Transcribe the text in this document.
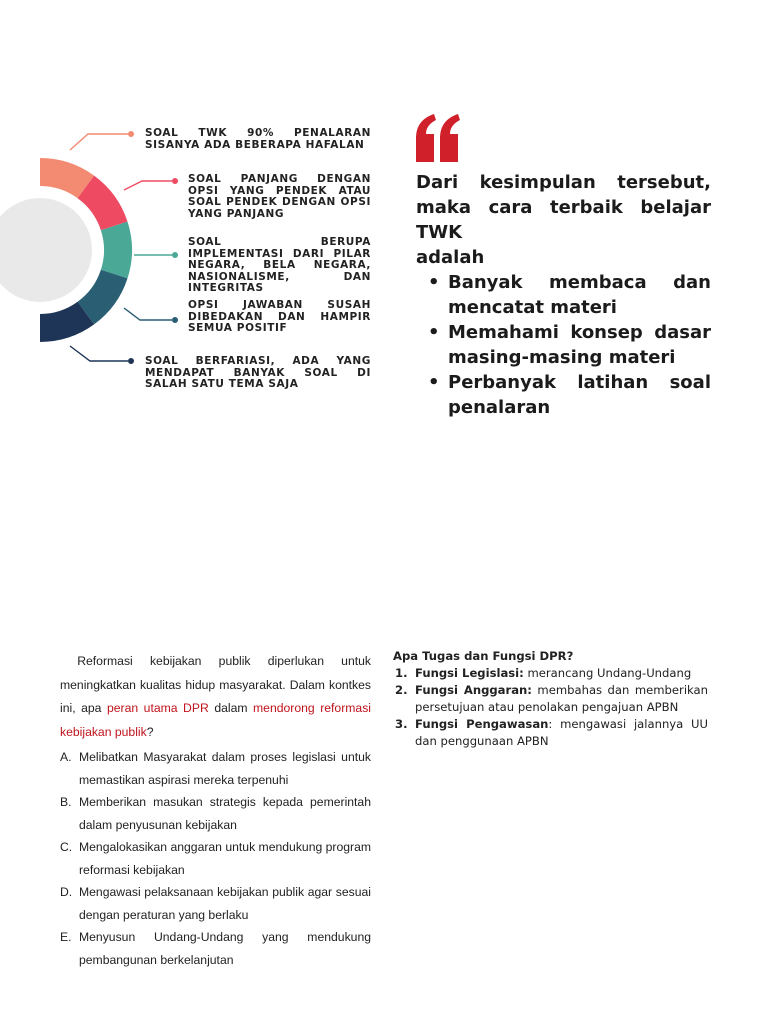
SOAL TWK 90% PENALARAN SISANYA ADA BEBERAPA HAFALAN
SOAL PANJANG DENGAN OPSI YANG PENDEK ATAU SOAL PENDEK DENGAN OPSI YANG PANJANG
SOAL BERUPA IMPLEMENTASI DARI PILAR NEGARA, BELA NEGARA, NASIONALISME, DAN INTEGRITAS
OPSI JAWABAN SUSAH DIBEDAKAN DAN HAMPIR SEMUA POSITIF
SOAL BERFARIASI, ADA YANG MENDAPAT BANYAK SOAL DI SALAH SATU TEMA SAJA

Dari kesimpulan tersebut, maka cara terbaik belajar TWK
adalah

• Banyak membaca dan mencatat materi
• Memahami konsep dasar masing-masing materi
• Perbanyak latihan soal penalaran

Reformasi kebijakan publik diperlukan untuk meningkatkan kualitas hidup masyarakat. Dalam kontkes ini, apa peran utama DPR dalam mendorong reformasi kebijakan publik?

A. Melibatkan Masyarakat dalam proses legislasi untuk memastikan aspirasi mereka terpenuhi
B. Memberikan masukan strategis kepada pemerintah dalam penyusunan kebijakan
C. Mengalokasikan anggaran untuk mendukung program reformasi kebijakan
D. Mengawasi pelaksanaan kebijakan publik agar sesuai dengan peraturan yang berlaku
E. Menyusun Undang-Undang yang mendukung pembangunan berkelanjutan

Apa Tugas dan Fungsi DPR?

1. Fungsi Legislasi: merancang Undang-Undang
2. Fungsi Anggaran: membahas dan memberikan persetujuan atau penolakan pengajuan APBN
3. Fungsi Pengawasan: mengawasi jalannya UU dan penggunaan APBN
